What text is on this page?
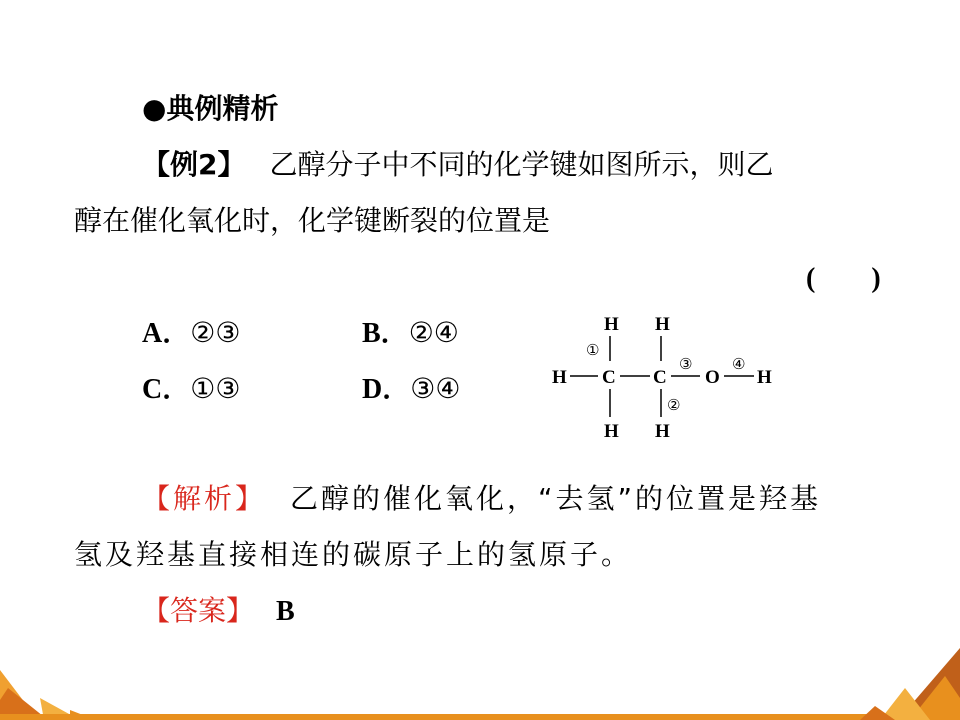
●典例精析
【例2】 乙醇分子中不同的化学键如图所示，则乙
醇在催化氧化时，化学键断裂的位置是
(　　)
A．②③	B．②④
C．①③	D．③④	H C C O H
H H
H H
①
②
③	④
【解析】 乙醇的催化氧化，“去氢”的位置是羟基
氢及羟基直接相连的碳原子上的氢原子。
【答案】 B
